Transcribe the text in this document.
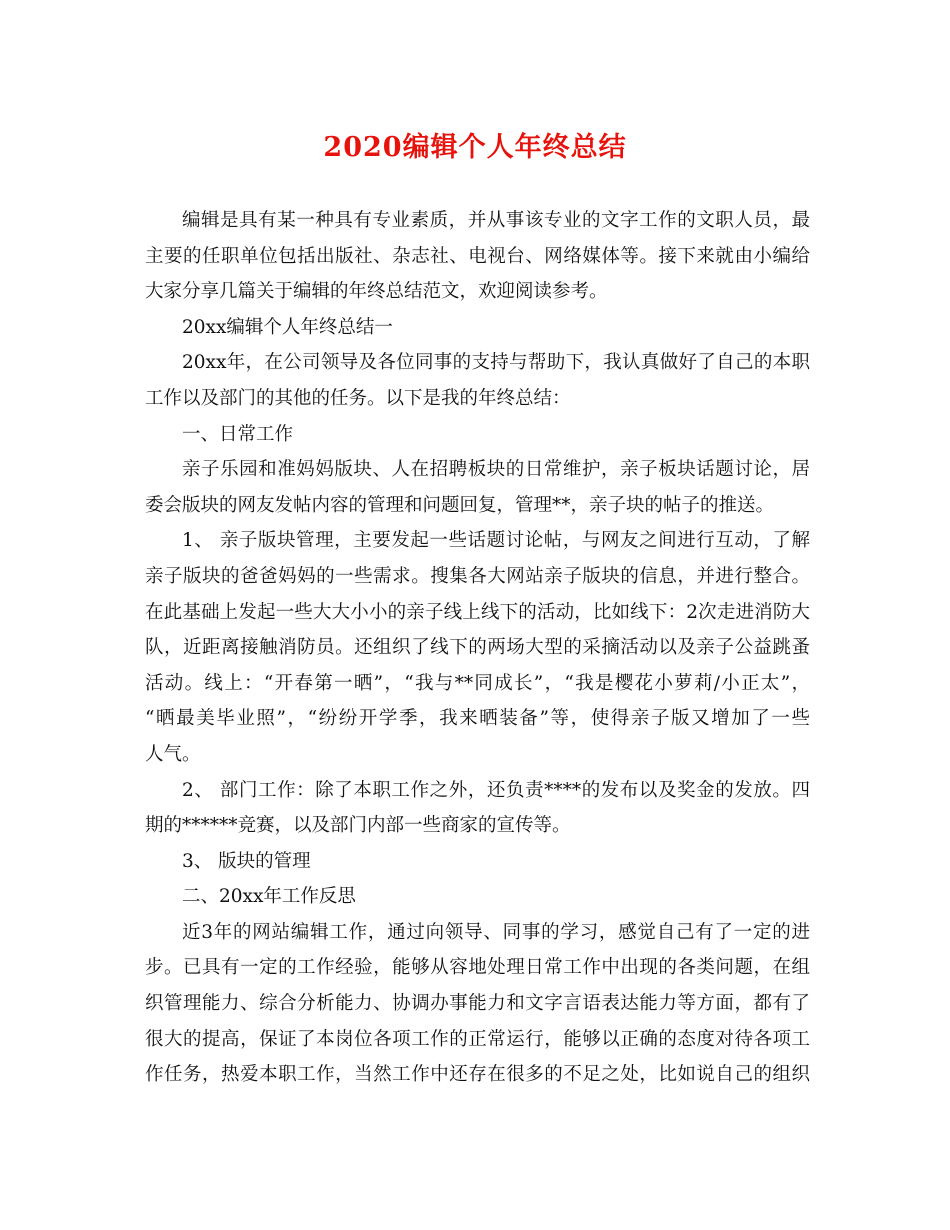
2020编辑个人年终总结
编辑是具有某一种具有专业素质，并从事该专业的文字工作的文职人员，最
主要的任职单位包括出版社、杂志社、电视台、网络媒体等。接下来就由小编给
大家分享几篇关于编辑的年终总结范文，欢迎阅读参考。
20xx编辑个人年终总结一
20xx年，在公司领导及各位同事的支持与帮助下，我认真做好了自己的本职
工作以及部门的其他的任务。以下是我的年终总结：
一、日常工作
亲子乐园和准妈妈版块、人在招聘板块的日常维护，亲子板块话题讨论，居
委会版块的网友发帖内容的管理和问题回复，管理**，亲子块的帖子的推送。
1、 亲子版块管理，主要发起一些话题讨论帖，与网友之间进行互动，了解
亲子版块的爸爸妈妈的一些需求。搜集各大网站亲子版块的信息，并进行整合。
在此基础上发起一些大大小小的亲子线上线下的活动，比如线下：2次走进消防大
队，近距离接触消防员。还组织了线下的两场大型的采摘活动以及亲子公益跳蚤
活动。线上：“开春第一晒”，“我与**同成长”，“我是樱花小萝莉/小正太”，
“晒最美毕业照”，“纷纷开学季，我来晒装备”等，使得亲子版又增加了一些
人气。
2、 部门工作：除了本职工作之外，还负责****的发布以及奖金的发放。四
期的******竞赛，以及部门内部一些商家的宣传等。
3、 版块的管理
二、20xx年工作反思
近3年的网站编辑工作，通过向领导、同事的学习，感觉自己有了一定的进
步。已具有一定的工作经验，能够从容地处理日常工作中出现的各类问题，在组
织管理能力、综合分析能力、协调办事能力和文字言语表达能力等方面，都有了
很大的提高，保证了本岗位各项工作的正常运行，能够以正确的态度对待各项工
作任务，热爱本职工作，当然工作中还存在很多的不足之处，比如说自己的组织
